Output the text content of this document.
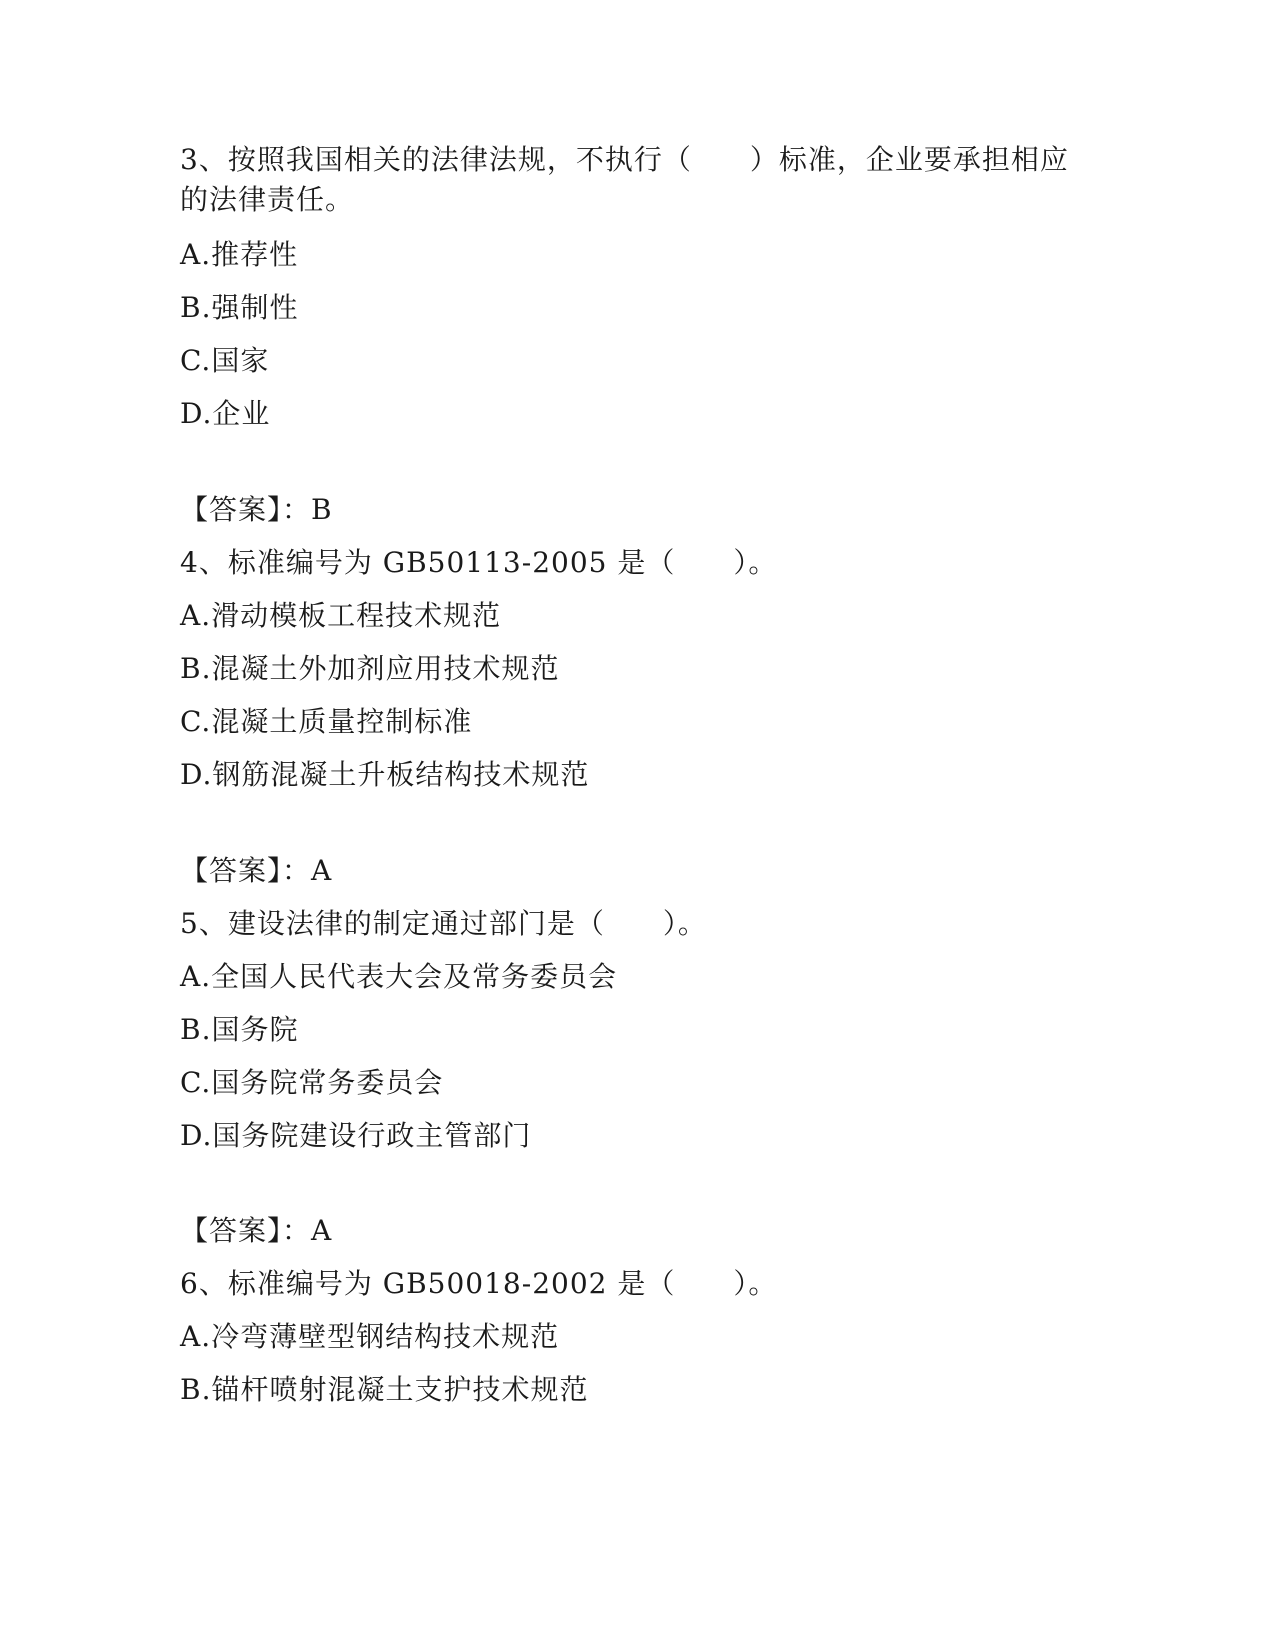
3、按照我国相关的法律法规，不执行（　　）标准，企业要承担相应的法律责任。
A.推荐性
B.强制性
C.国家
D.企业
【答案】：B
4、标准编号为 GB50113-2005 是（　　）。
A.滑动模板工程技术规范
B.混凝土外加剂应用技术规范
C.混凝土质量控制标准
D.钢筋混凝土升板结构技术规范
【答案】：A
5、建设法律的制定通过部门是（　　）。
A.全国人民代表大会及常务委员会
B.国务院
C.国务院常务委员会
D.国务院建设行政主管部门
【答案】：A
6、标准编号为 GB50018-2002 是（　　）。
A.冷弯薄壁型钢结构技术规范
B.锚杆喷射混凝土支护技术规范
